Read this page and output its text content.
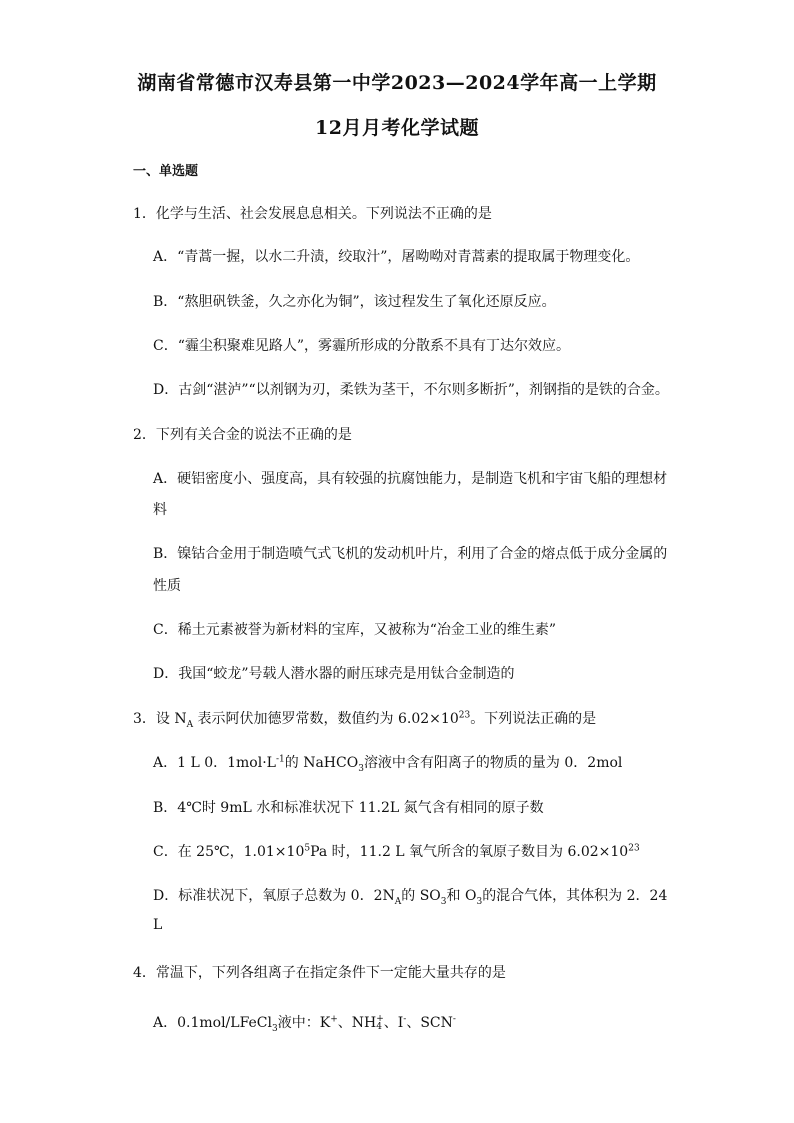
湖南省常德市汉寿县第一中学2023—2024学年高一上学期
12月月考化学试题
一、单选题
1．化学与生活、社会发展息息相关。下列说法不正确的是
A．“青蒿一握，以水二升渍，绞取汁”，屠呦呦对青蒿素的提取属于物理变化。
B．“熬胆矾铁釜，久之亦化为铜”，该过程发生了氧化还原反应。
C．“霾尘积聚难见路人”，雾霾所形成的分散系不具有丁达尔效应。
D．古剑“湛泸”“以剂钢为刃，柔铁为茎干，不尔则多断折”，剂钢指的是铁的合金。
2．下列有关合金的说法不正确的是
A．硬铝密度小、强度高，具有较强的抗腐蚀能力，是制造飞机和宇宙飞船的理想材
料
B．镍钴合金用于制造喷气式飞机的发动机叶片，利用了合金的熔点低于成分金属的
性质
C．稀土元素被誉为新材料的宝库，又被称为“冶金工业的维生素”
D．我国“蛟龙”号载人潜水器的耐压球壳是用钛合金制造的
3．设 $N_A$ 表示阿伏加德罗常数，数值约为 $6.02\times 10^{23}$。下列说法正确的是
A．1 L 0．$1mol\cdot L^{-1}$的 NaHCO$_3$溶液中含有阳离子的物质的量为 0．2mol
B．4℃时 9mL 水和标准状况下 11.2L 氮气含有相同的原子数
C．在 25℃，$1.01\times 10^5Pa$ 时，11.2 L 氧气所含的氧原子数目为 $6.02\times 10^{23}$
D．标准状况下，氧原子总数为 0．$2N_A$的 $SO_3$和 $O_3$的混合气体，其体积为 2．24
L
4．常温下，下列各组离子在指定条件下一定能大量共存的是
A．0.1mol/LFeCl$_3$液中：K+、NH +
4 、I-、SCN-
